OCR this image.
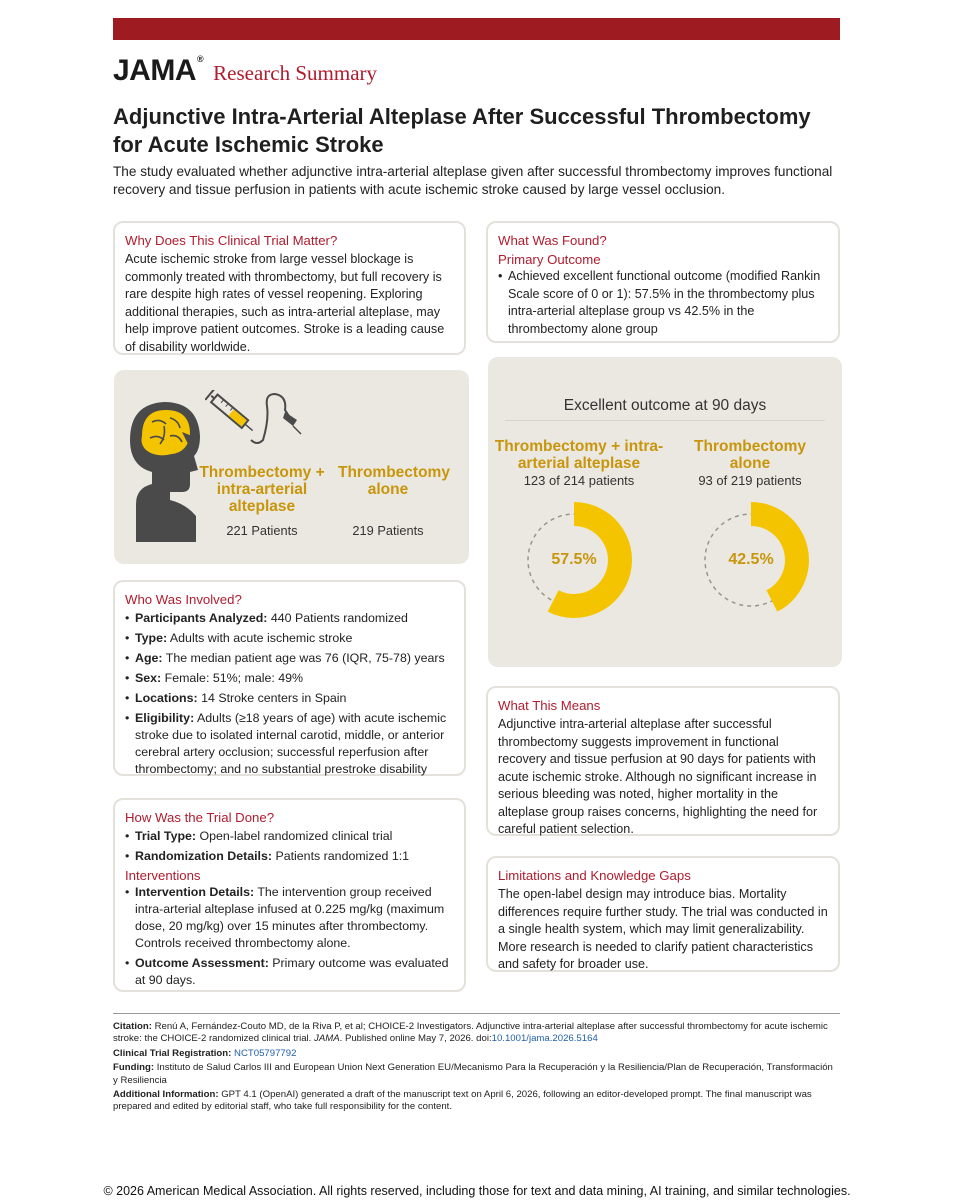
JAMA®
Research Summary
Adjunctive Intra-Arterial Alteplase After Successful Thrombectomy for Acute Ischemic Stroke
The study evaluated whether adjunctive intra-arterial alteplase given after successful thrombectomy improves functional recovery and tissue perfusion in patients with acute ischemic stroke caused by large vessel occlusion.
Why Does This Clinical Trial Matter?
Acute ischemic stroke from large vessel blockage is commonly treated with thrombectomy, but full recovery is rare despite high rates of vessel reopening. Exploring additional therapies, such as intra-arterial alteplase, may help improve patient outcomes. Stroke is a leading cause of disability worldwide.
What Was Found?
Primary Outcome
• Achieved excellent functional outcome (modified Rankin Scale score of 0 or 1): 57.5% in the thrombectomy plus intra-arterial alteplase group vs 42.5% in the thrombectomy alone group
Thrombectomy + intra-arterial alteplase
221 Patients
Thrombectomy alone
219 Patients
Excellent outcome at 90 days
Thrombectomy + intra-arterial alteplase
123 of 214 patients
Thrombectomy alone
93 of 219 patients
57.5%	42.5%
Who Was Involved?
• Participants Analyzed: 440 Patients randomized
• Type: Adults with acute ischemic stroke
• Age: The median patient age was 76 (IQR, 75-78) years
• Sex: Female: 51%; male: 49%
• Locations: 14 Stroke centers in Spain
• Eligibility: Adults (≥18 years of age) with acute ischemic stroke due to isolated internal carotid, middle, or anterior cerebral artery occlusion; successful reperfusion after thrombectomy; and no substantial prestroke disability
How Was the Trial Done?
• Trial Type: Open-label randomized clinical trial
• Randomization Details: Patients randomized 1:1
Interventions
• Intervention Details: The intervention group received intra-arterial alteplase infused at 0.225 mg/kg (maximum dose, 20 mg/kg) over 15 minutes after thrombectomy. Controls received thrombectomy alone.
• Outcome Assessment: Primary outcome was evaluated at 90 days.
What This Means
Adjunctive intra-arterial alteplase after successful thrombectomy suggests improvement in functional recovery and tissue perfusion at 90 days for patients with acute ischemic stroke. Although no significant increase in serious bleeding was noted, higher mortality in the alteplase group raises concerns, highlighting the need for careful patient selection.
Limitations and Knowledge Gaps
The open-label design may introduce bias. Mortality differences require further study. The trial was conducted in a single health system, which may limit generalizability. More research is needed to clarify patient characteristics and safety for broader use.

Citation: Renú A, Fernández-Couto MD, de la Riva P, et al; CHOICE-2 Investigators. Adjunctive intra-arterial alteplase after successful thrombectomy for acute ischemic stroke: the CHOICE-2 randomized clinical trial. JAMA. Published online May 7, 2026. doi:10.1001/jama.2026.5164

Clinical Trial Registration: NCT05797792

Funding: Instituto de Salud Carlos III and European Union Next Generation EU/Mecanismo Para la Recuperación y la Resiliencia/Plan de Recuperación, Transformación y Resiliencia

Additional Information: GPT 4.1 (OpenAI) generated a draft of the manuscript text on April 6, 2026, following an editor-developed prompt. The final manuscript was prepared and edited by editorial staff, who take full responsibility for the content.

© 2026 American Medical Association. All rights reserved, including those for text and data mining, AI training, and similar technologies.
